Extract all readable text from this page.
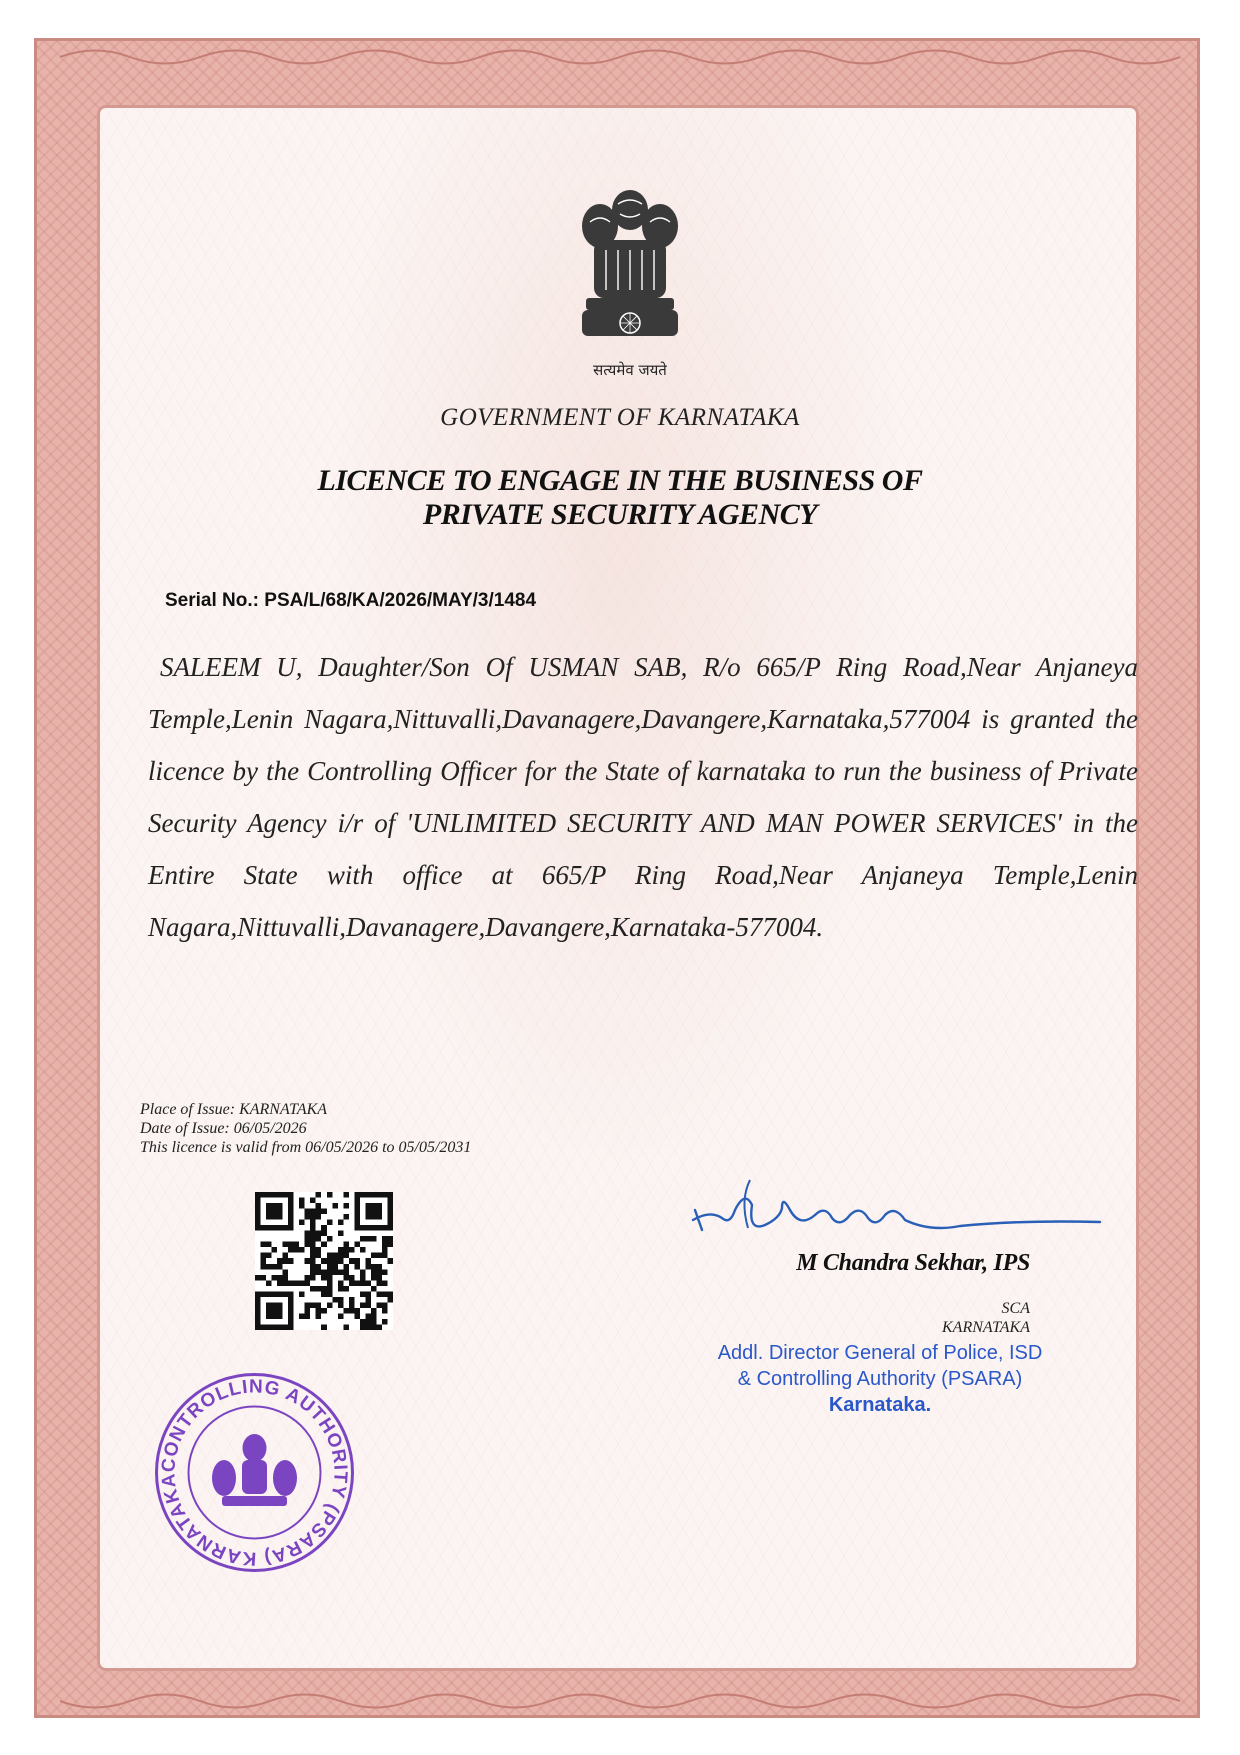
सत्यमेव जयते
GOVERNMENT OF KARNATAKA
LICENCE TO ENGAGE IN THE BUSINESS OF
PRIVATE SECURITY AGENCY
Serial No.: PSA/L/68/KA/2026/MAY/3/1484
SALEEM U, Daughter/Son Of USMAN SAB, R/o 665/P Ring Road,Near Anjaneya Temple,Lenin Nagara,Nittuvalli,Davanagere,Davangere,Karnataka,577004 is granted the licence by the Controlling Officer for the State of karnataka to run the business of Private Security Agency i/r of 'UNLIMITED SECURITY AND MAN POWER SERVICES' in the Entire State with office at 665/P Ring Road,Near Anjaneya Temple,Lenin Nagara,Nittuvalli,Davanagere,Davangere,Karnataka-577004.
Place of Issue: KARNATAKA
Date of Issue: 06/05/2026
This licence is valid from 06/05/2026 to 05/05/2031
M Chandra Sekhar, IPS
SCA
KARNATAKA
Addl. Director General of Police, ISD
& Controlling Authority (PSARA)
Karnataka.
CONTROLLING AUTHORITY (PSARA) KARNATAKA
